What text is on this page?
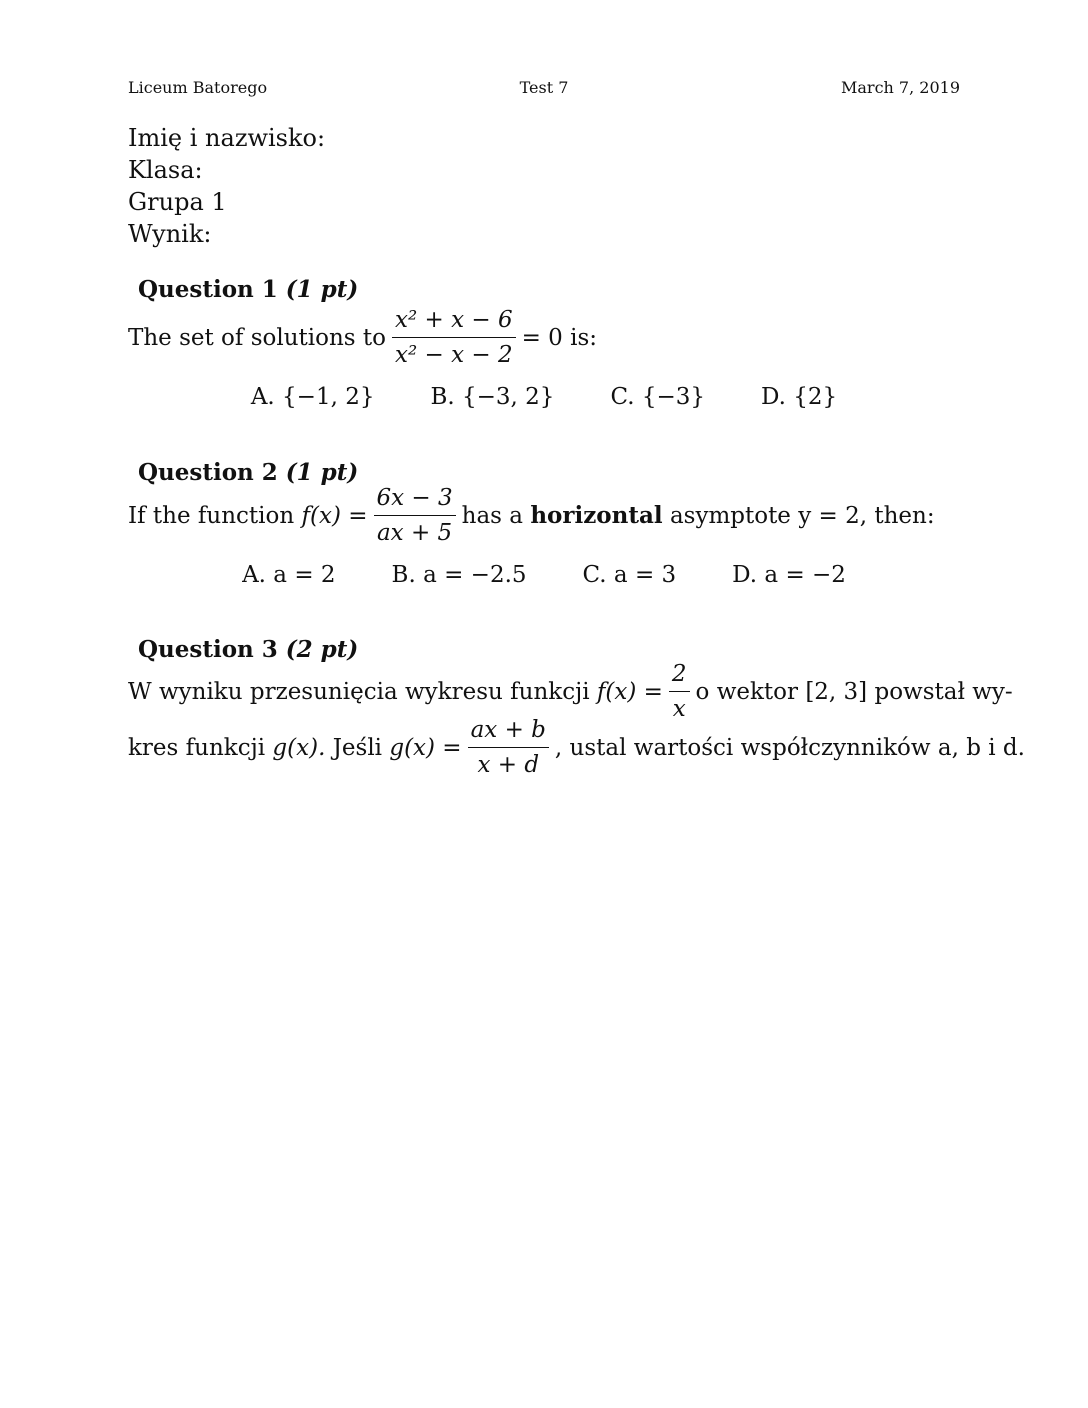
Liceum Batorego	Test 7	March 7, 2019
Imię i nazwisko:
Klasa:
Grupa 1
Wynik:
Question 1 (1 pt)
The set of solutions to $\frac{\text{x² + x − 6}}{\text{x² − x − 2}} = 0$ is:
A. {−1, 2} B. {−3, 2} C. {−3} D. {2}
Question 2 (1 pt)
If the function
$f(x) = \frac{6x - 3}{ax + 5}$ has a
horizontal
asymptote y = 2, then:
A. a = 2 B. a = −2.5 C. a = 3 D. a = −2
Question 3 (2 pt)
W wyniku przesunięcia wykresu funkcji
$f(x) = \frac{2}{x}$ o wektor [2, 3] powstał wy-
kres funkcji
g(x).
Jeśli
$g(x) = \frac{ax + b}{x + d}$ , ustal wartości współczynników a, b i d.
